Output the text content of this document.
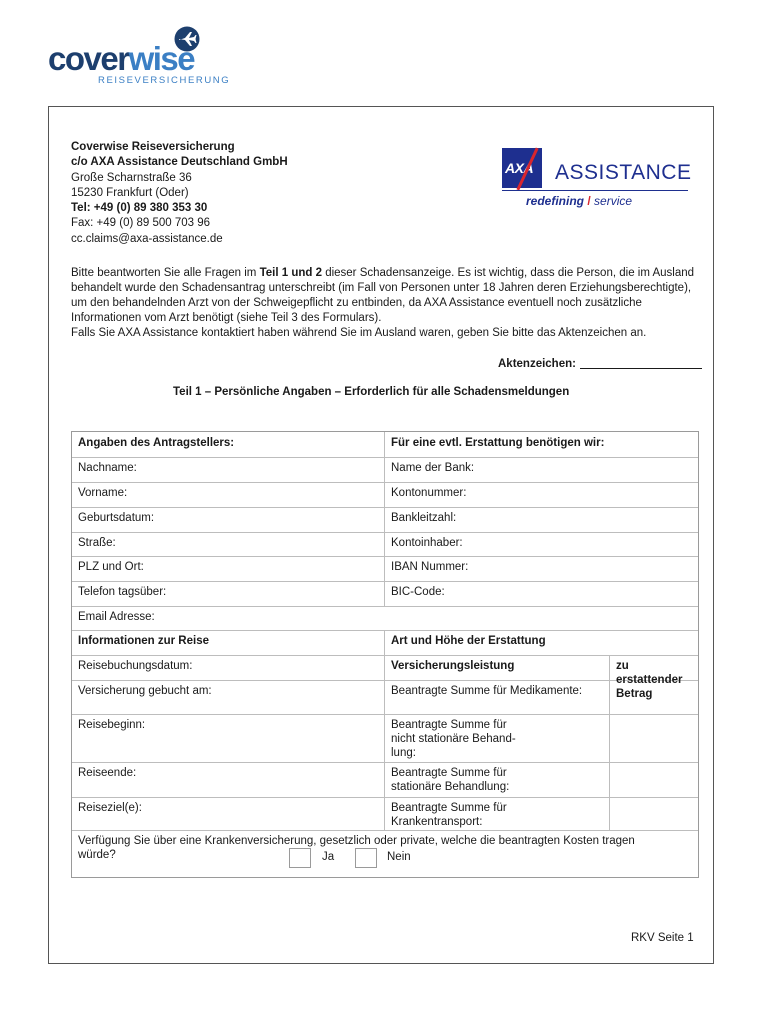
coverwise
REISEVERSICHERUNG
Coverwise Reiseversicherung
c/o AXA Assistance Deutschland GmbH
Große Scharnstraße 36
15230 Frankfurt (Oder)
Tel: +49 (0) 89 380 353 30
Fax: +49 (0) 89 500 703 96
cc.claims@axa-assistance.de
AXA ASSISTANCE
redefining / service

Bitte beantworten Sie alle Fragen im Teil 1 und 2 dieser Schadensanzeige. Es ist wichtig, dass die Person, die im Ausland behandelt wurde den Schadensantrag unterschreibt (im Fall von Personen unter 18 Jahren deren Erziehungsberechtigte), um den behandelnden Arzt von der Schweigepflicht zu entbinden, da AXA Assistance eventuell noch zusätzliche Informationen vom Arzt benötigt (siehe Teil 3 des Formulars).

Falls Sie AXA Assistance kontaktiert haben während Sie im Ausland waren, geben Sie bitte das Aktenzeichen an.

Aktenzeichen:
Teil 1 – Persönliche Angaben – Erforderlich für alle Schadensmeldungen
Angaben des Antragstellers:	Für eine evtl. Erstattung benötigen wir:
Nachname:	Name der Bank:
Vorname:	Kontonummer:
Geburtsdatum:	Bankleitzahl:
Straße:	Kontoinhaber:
PLZ und Ort:	IBAN Nummer:
Telefon tagsüber:	BIC-Code:
Email Adresse:
Informationen zur Reise	Art und Höhe der Erstattung
Reisebuchungsdatum:	Versicherungsleistung	zu erstattender Betrag
Versicherung gebucht am:	Beantragte Summe für Medikamente:
Reisebeginn:	Beantragte Summe für nicht stationäre Behand-lung:
Reiseende:	Beantragte Summe für stationäre Behandlung:
Reiseziel(e):	Beantragte Summe für Krankentransport:
Verfügung Sie über eine Krankenversicherung, gesetzlich oder private, welche die beantragten Kosten tragen würde?	Ja	Nein
RKV Seite 1
